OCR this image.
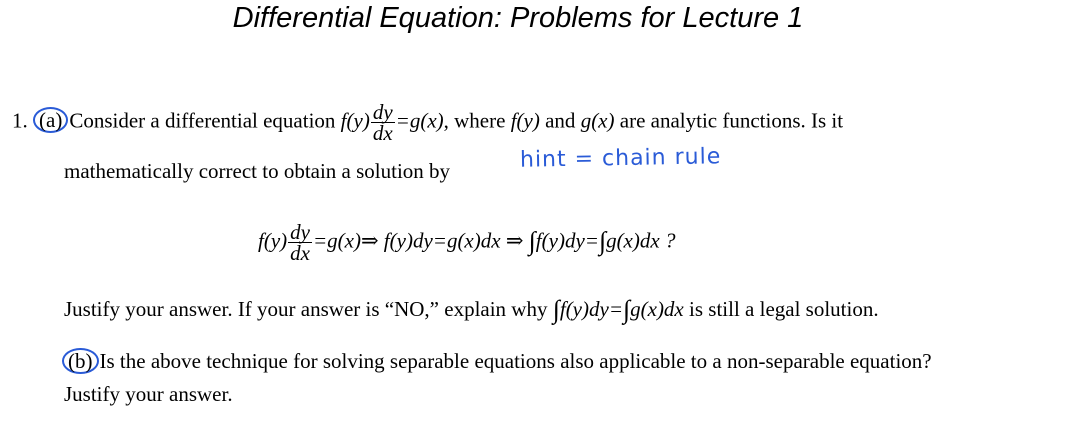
Differential Equation: Problems for Lecture 1
1. (a) Consider a differential equation $f(y) \frac{dy}{dx} =g(x)$, where f(y) and g(x) are analytic functions. Is it
mathematically correct to obtain a solution by	hint = chain rule
$f(y) \frac{dy}{dx}$ =g(x)⇒ f(y)dy=g(x)dx ⇒ ∫f(y)dy=∫g(x)dx ?
Justify your answer. If your answer is “NO,” explain why ∫f(y)dy=∫g(x)dx is still a legal solution.
(b) Is the above technique for solving separable equations also applicable to a non-separable equation?
Justify your answer.
